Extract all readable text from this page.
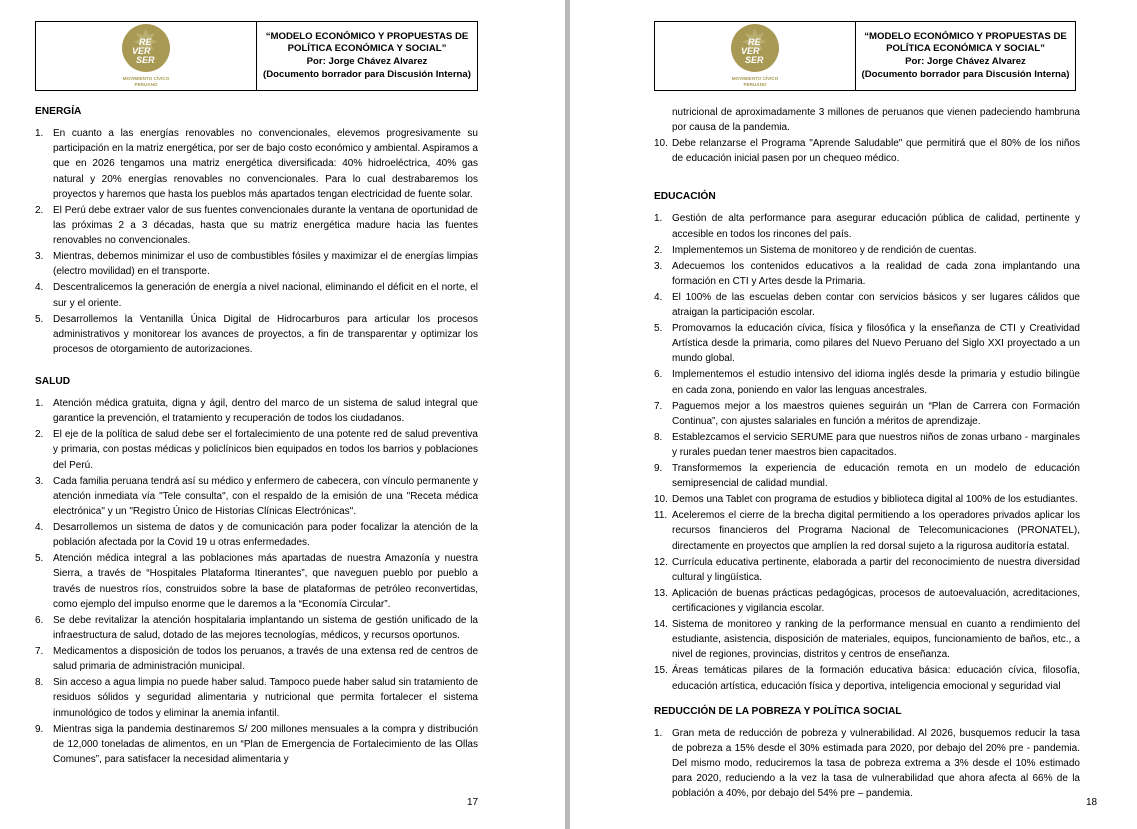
RE
VER
SER
MOVIMIENTO CÍVICO
PERUANO
“MODELO ECONÓMICO Y PROPUESTAS DE
POLÍTICA ECONÓMICA Y SOCIAL”
Por: Jorge Chávez Alvarez
(Documento borrador para Discusión Interna)
ENERGÍA
1. En cuanto a las energías renovables no convencionales, elevemos progresivamente su participación en la matriz energética, por ser de bajo costo económico y ambiental. Aspiramos a que en 2026 tengamos una matriz energética diversificada: 40% hidroeléctrica, 40% gas natural y 20% energías renovables no convencionales. Para lo cual destrabaremos los proyectos y haremos que hasta los pueblos más apartados tengan electricidad de fuente solar.
2. El Perú debe extraer valor de sus fuentes convencionales durante la ventana de oportunidad de las próximas 2 a 3 décadas, hasta que su matriz energética madure hacia las fuentes renovables no convencionales.
3. Mientras, debemos minimizar el uso de combustibles fósiles y maximizar el de energías limpias (electro movilidad) en el transporte.
4. Descentralicemos la generación de energía a nivel nacional, eliminando el déficit en el norte, el sur y el oriente.
5. Desarrollemos la Ventanilla Única Digital de Hidrocarburos para articular los procesos administrativos y monitorear los avances de proyectos, a fin de transparentar y optimizar los procesos de otorgamiento de autorizaciones.
SALUD
1. Atención médica gratuita, digna y ágil, dentro del marco de un sistema de salud integral que garantice la prevención, el tratamiento y recuperación de todos los ciudadanos.
2. El eje de la política de salud debe ser el fortalecimiento de una potente red de salud preventiva y primaria, con postas médicas y policlínicos bien equipados en todos los barrios y poblaciones del Perú.
3. Cada familia peruana tendrá así su médico y enfermero de cabecera, con vínculo permanente y atención inmediata vía "Tele consulta", con el respaldo de la emisión de una "Receta médica electrónica" y un "Registro Único de Historias Clínicas Electrónicas".
4. Desarrollemos un sistema de datos y de comunicación para poder focalizar la atención de la población afectada por la Covid 19 u otras enfermedades.
5. Atención médica integral a las poblaciones más apartadas de nuestra Amazonía y nuestra Sierra, a través de “Hospitales Plataforma Itinerantes”, que naveguen pueblo por pueblo a través de nuestros ríos, construidos sobre la base de plataformas de petróleo reconvertidas, como ejemplo del impulso enorme que le daremos a la “Economía Circular”.
6. Se debe revitalizar la atención hospitalaria implantando un sistema de gestión unificado de la infraestructura de salud, dotado de las mejores tecnologías, médicos, y recursos oportunos.
7. Medicamentos a disposición de todos los peruanos, a través de una extensa red de centros de salud primaria de administración municipal.
8. Sin acceso a agua limpia no puede haber salud. Tampoco puede haber salud sin tratamiento de residuos sólidos y seguridad alimentaria y nutricional que permita fortalecer el sistema inmunológico de todos y eliminar la anemia infantil.
9. Mientras siga la pandemia destinaremos S/ 200 millones mensuales a la compra y distribución de 12,000 toneladas de alimentos, en un “Plan de Emergencia de Fortalecimiento de las Ollas Comunes”, para satisfacer la necesidad alimentaria y
17
RE
VER
SER
MOVIMIENTO CÍVICO
PERUANO
“MODELO ECONÓMICO Y PROPUESTAS DE
POLÍTICA ECONÓMICA Y SOCIAL”
Por: Jorge Chávez Alvarez
(Documento borrador para Discusión Interna)
nutricional de aproximadamente 3 millones de peruanos que vienen padeciendo hambruna por causa de la pandemia.
10. Debe relanzarse el Programa "Aprende Saludable" que permitirá que el 80% de los niños de educación inicial pasen por un chequeo médico.
EDUCACIÓN
1. Gestión de alta performance para asegurar educación pública de calidad, pertinente y accesible en todos los rincones del país.
2. Implementemos un Sistema de monitoreo y de rendición de cuentas.
3. Adecuemos los contenidos educativos a la realidad de cada zona implantando una formación en CTI y Artes desde la Primaria.
4. El 100% de las escuelas deben contar con servicios básicos y ser lugares cálidos que atraigan la participación escolar.
5. Promovamos la educación cívica, física y filosófica y la enseñanza de CTI y Creatividad Artística desde la primaria, como pilares del Nuevo Peruano del Siglo XXI proyectado a un mundo global.
6. Implementemos el estudio intensivo del idioma inglés desde la primaria y estudio bilingüe en cada zona, poniendo en valor las lenguas ancestrales.
7. Paguemos mejor a los maestros quienes seguirán un “Plan de Carrera con Formación Continua”, con ajustes salariales en función a méritos de aprendizaje.
8. Establezcamos el servicio SERUME para que nuestros niños de zonas urbano - marginales y rurales puedan tener maestros bien capacitados.
9. Transformemos la experiencia de educación remota en un modelo de educación semipresencial de calidad mundial.
10. Demos una Tablet con programa de estudios y biblioteca digital al 100% de los estudiantes.
11. Aceleremos el cierre de la brecha digital permitiendo a los operadores privados aplicar los recursos financieros del Programa Nacional de Telecomunicaciones (PRONATEL), directamente en proyectos que amplíen la red dorsal sujeto a la rigurosa auditoría estatal.
12. Currícula educativa pertinente, elaborada a partir del reconocimiento de nuestra diversidad cultural y lingüística.
13. Aplicación de buenas prácticas pedagógicas, procesos de autoevaluación, acreditaciones, certificaciones y vigilancia escolar.
14. Sistema de monitoreo y ranking de la performance mensual en cuanto a rendimiento del estudiante, asistencia, disposición de materiales, equipos, funcionamiento de baños, etc., a nivel de regiones, provincias, distritos y centros de enseñanza.
15. Áreas temáticas pilares de la formación educativa básica: educación cívica, filosofía, educación artística, educación física y deportiva, inteligencia emocional y seguridad vial
REDUCCIÓN DE LA POBREZA Y POLÍTICA SOCIAL
1. Gran meta de reducción de pobreza y vulnerabilidad. Al 2026, busquemos reducir la tasa de pobreza a 15% desde el 30% estimada para 2020, por debajo del 20% pre - pandemia. Del mismo modo, reduciremos la tasa de pobreza extrema a 3% desde el 10% estimado para 2020, reduciendo a la vez la tasa de vulnerabilidad que ahora afecta al 66% de la población a 40%, por debajo del 54% pre – pandemia.
18
